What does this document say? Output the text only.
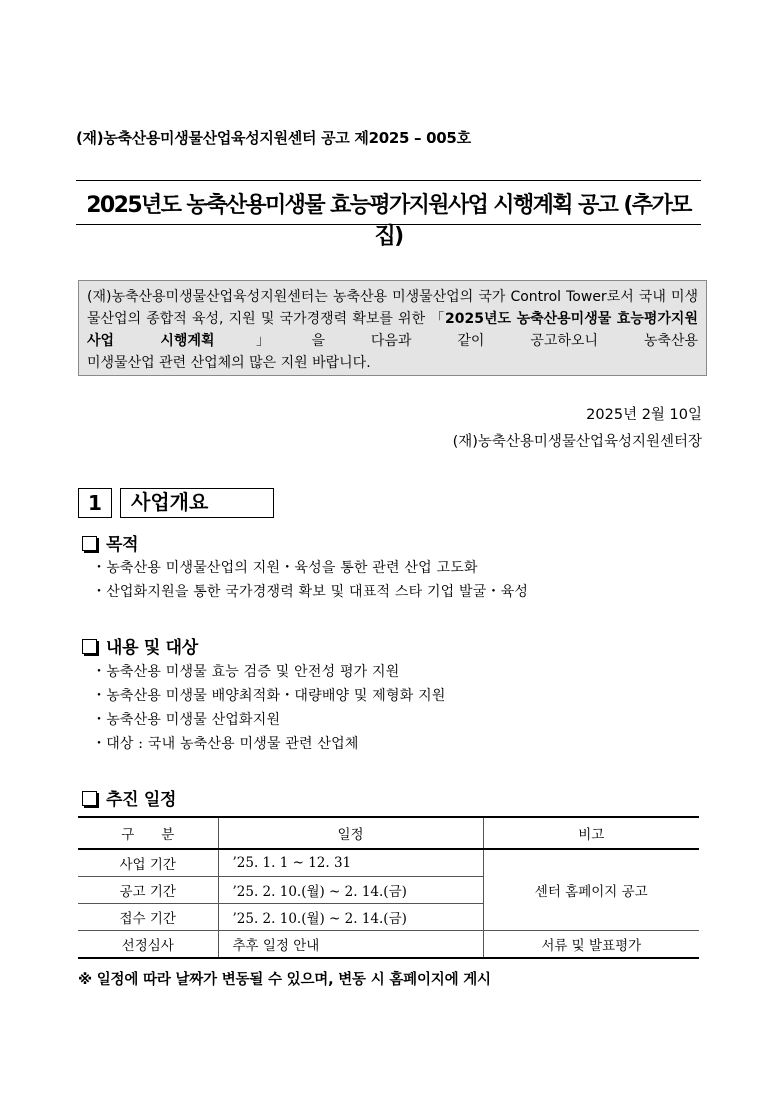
(재)농축산용미생물산업육성지원센터 공고 제2025 – 005호
2025년도 농축산용미생물 효능평가지원사업 시행계획 공고 (추가모집)
(재)농축산용미생물산업육성지원센터는 농축산용 미생물산업의 국가 Control Tower로서 국내 미생물산업의 종합적 육성, 지원 및 국가경쟁력 확보를 위한 「2025년도 농축산용미생물 효능평가지원사업 시행계획」을 다음과 같이 공고하오니 농축산용
미생물산업 관련 산업체의 많은 지원 바랍니다.
2025년 2월 10일
(재)농축산용미생물산업육성지원센터장
1	사업개요
목적
・농축산용 미생물산업의 지원・육성을 통한 관련 산업 고도화
・산업화지원을 통한 국가경쟁력 확보 및 대표적 스타 기업 발굴・육성
내용 및 대상
・농축산용 미생물 효능 검증 및 안전성 평가 지원
・농축산용 미생물 배양최적화・대량배양 및 제형화 지원
・농축산용 미생물 산업화지원
・대상 : 국내 농축산용 미생물 관련 산업체
추진 일정
구　　분	일정	비고
사업 기간	’25. 1. 1 ~ 12. 31	센터 홈페이지 공고
공고 기간	’25. 2. 10.(월) ~ 2. 14.(금)	
접수 기간	’25. 2. 10.(월) ~ 2. 14.(금)	
선정심사	추후 일정 안내	서류 및 발표평가
※ 일정에 따라 날짜가 변동될 수 있으며, 변동 시 홈페이지에 게시
